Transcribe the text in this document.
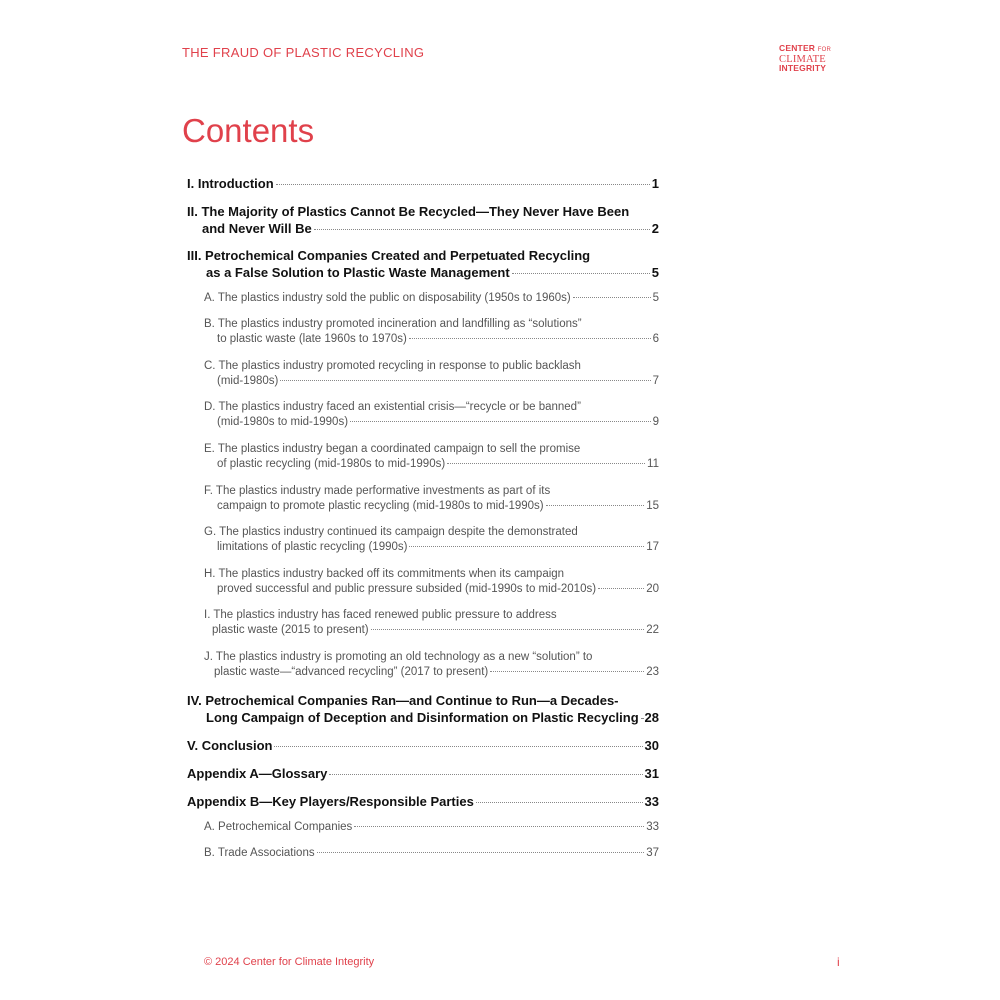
THE FRAUD OF PLASTIC RECYCLING	CENTER FOR
CLIMATE
INTEGRITY
Contents
I. Introduction	1
II. The Majority of Plastics Cannot Be Recycled—They Never Have Been
and Never Will Be	2
III. Petrochemical Companies Created and Perpetuated Recycling
as a False Solution to Plastic Waste Management	5
A. The plastics industry sold the public on disposability (1950s to 1960s)	5
B. The plastics industry promoted incineration and landfilling as “solutions”
to plastic waste (late 1960s to 1970s)	6
C. The plastics industry promoted recycling in response to public backlash
(mid-1980s)	7
D. The plastics industry faced an existential crisis—“recycle or be banned”
(mid-1980s to mid-1990s)	9
E. The plastics industry began a coordinated campaign to sell the promise
of plastic recycling (mid-1980s to mid-1990s)	11
F. The plastics industry made performative investments as part of its
campaign to promote plastic recycling (mid-1980s to mid-1990s)	15
G. The plastics industry continued its campaign despite the demonstrated
limitations of plastic recycling (1990s)	17
H. The plastics industry backed off its commitments when its campaign
proved successful and public pressure subsided (mid-1990s to mid-2010s)	20
I. The plastics industry has faced renewed public pressure to address
plastic waste (2015 to present)	22
J. The plastics industry is promoting an old technology as a new “solution” to
plastic waste—“advanced recycling” (2017 to present)	23
IV. Petrochemical Companies Ran—and Continue to Run—a Decades-
Long Campaign of Deception and Disinformation on Plastic Recycling 28
V. Conclusion	30
Appendix A—Glossary	31
Appendix B—Key Players/Responsible Parties	33
A. Petrochemical Companies	33
B. Trade Associations	37
© 2024 Center for Climate Integrity	i
